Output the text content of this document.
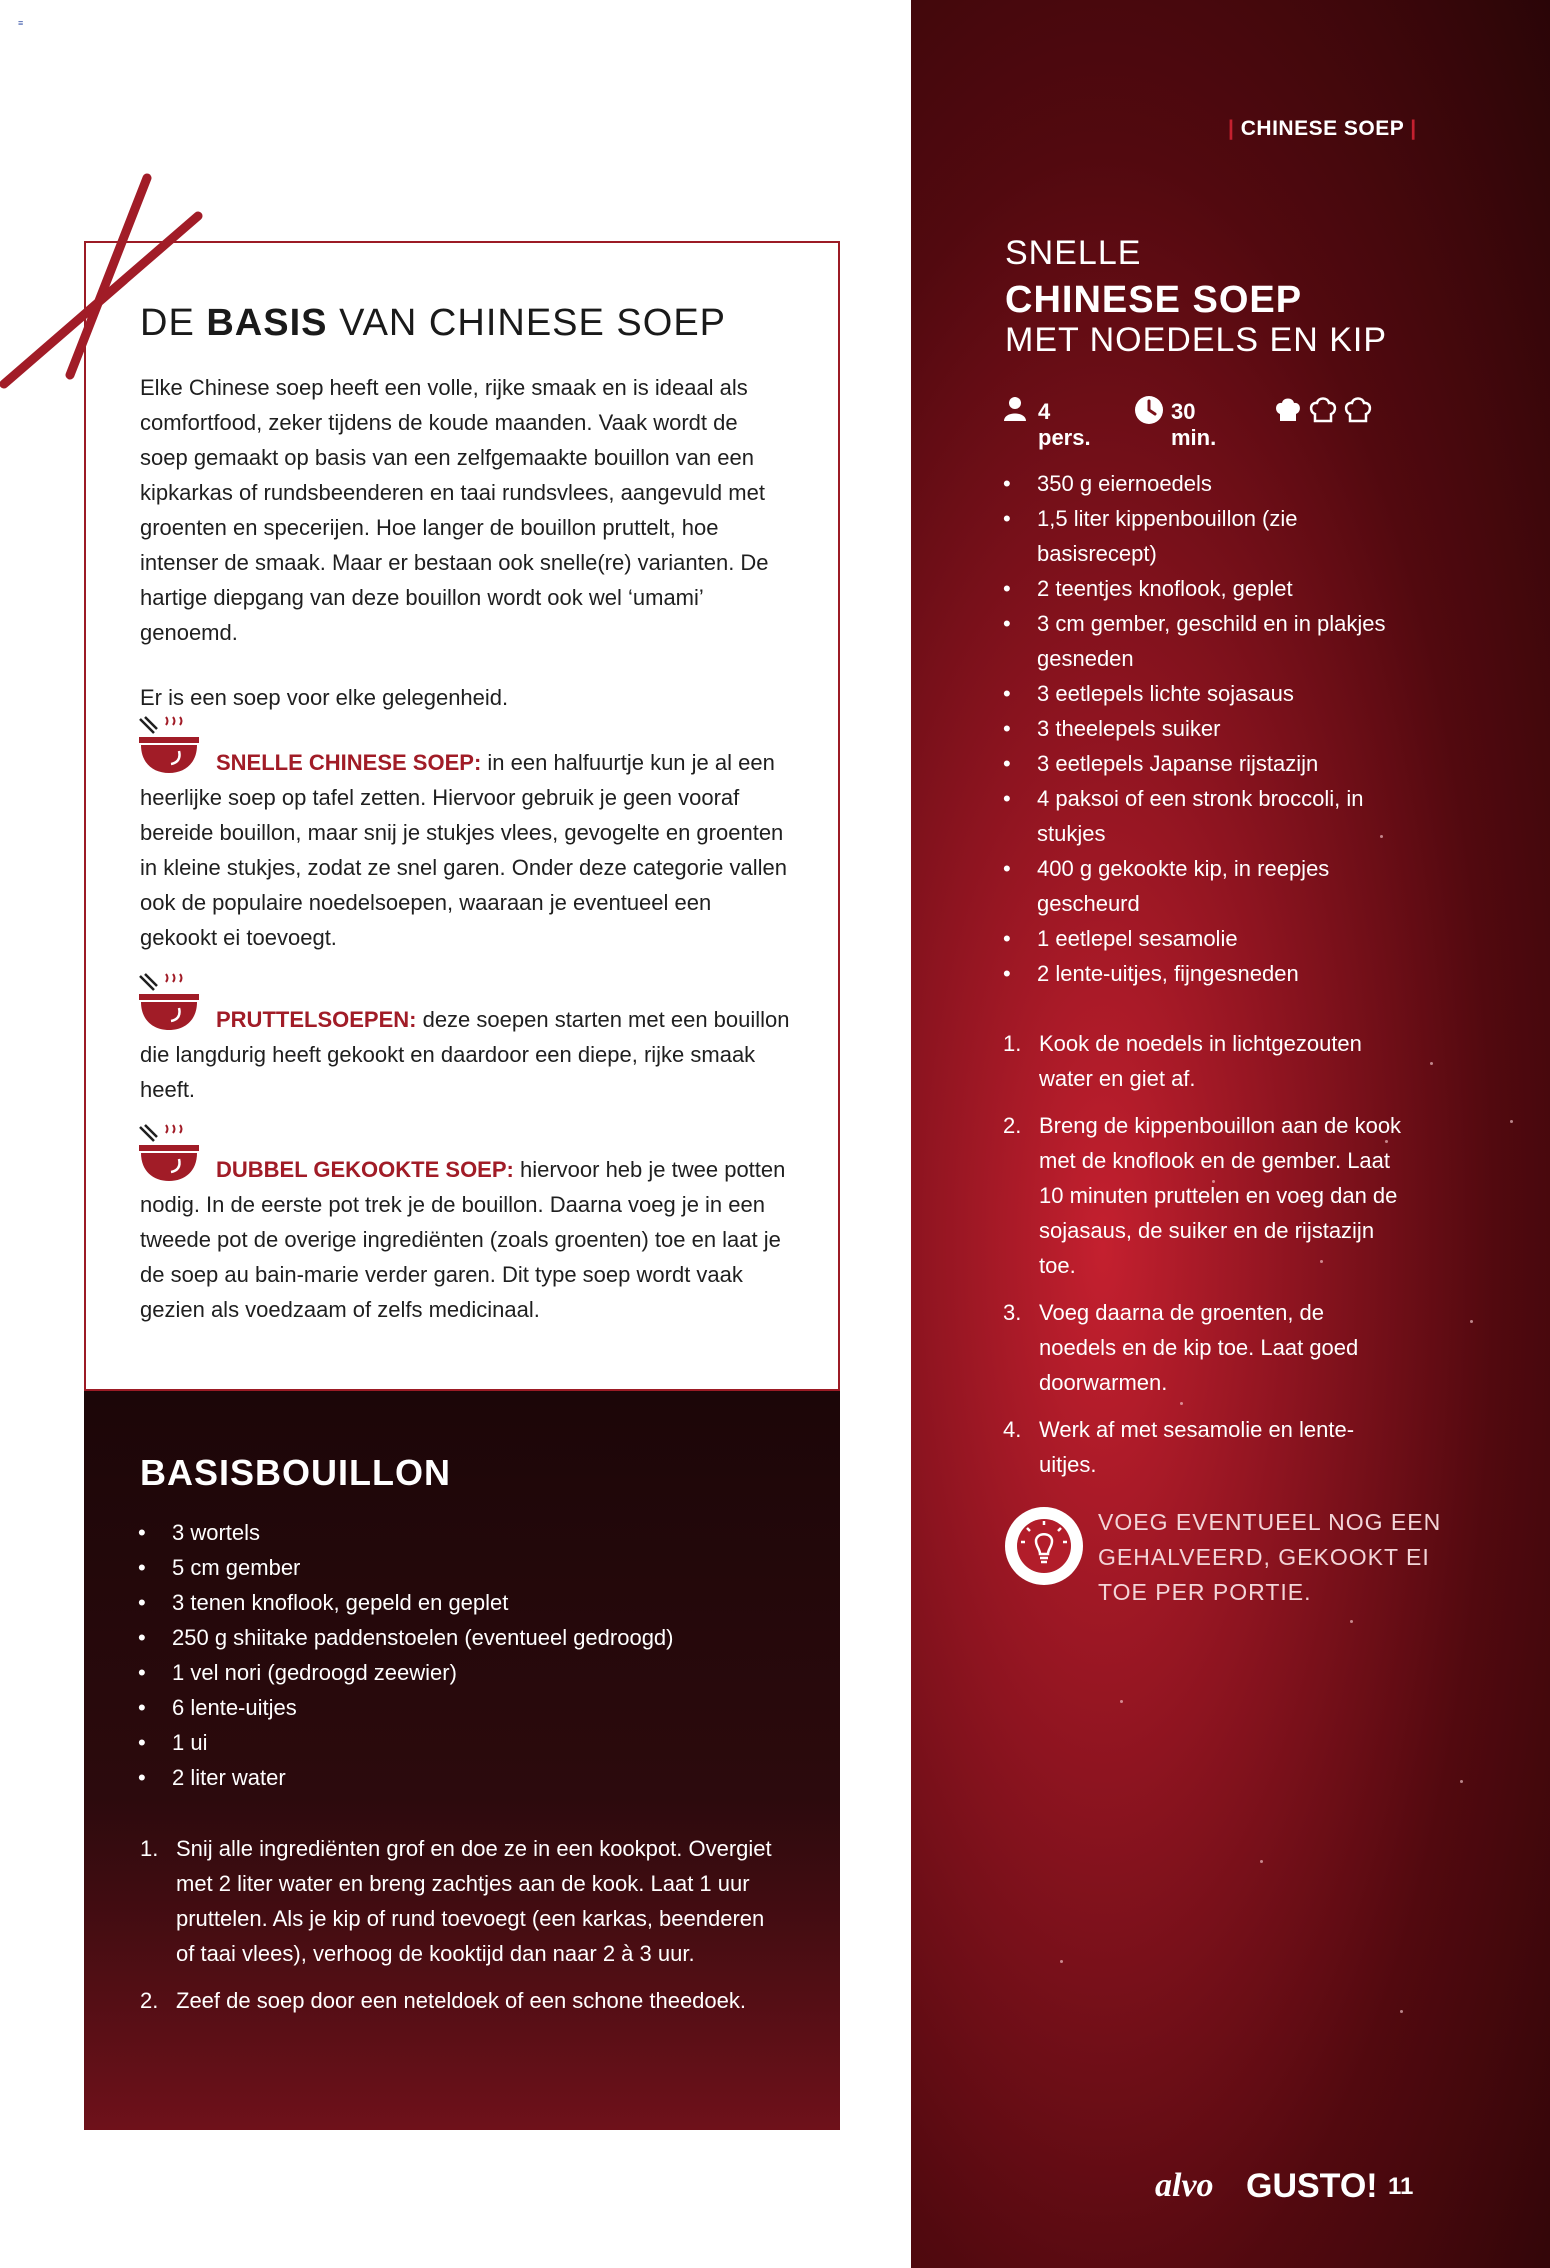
≡
| CHINESE SOEP |
SNELLE
CHINESE SOEP
MET NOEDELS EN KIP
4 pers.
30 min.
• 350 g eiernoedels
• 1,5 liter kippenbouillon (zie basisrecept)
• 2 teentjes knoflook, geplet
• 3 cm gember, geschild en in plakjes gesneden
• 3 eetlepels lichte sojasaus
• 3 theelepels suiker
• 3 eetlepels Japanse rijstazijn
• 4 paksoi of een stronk broccoli, in stukjes
• 400 g gekookte kip, in reepjes gescheurd
• 1 eetlepel sesamolie
• 2 lente-uitjes, fijngesneden
1. Kook de noedels in lichtgezouten water en giet af.
2. Breng de kippenbouillon aan de kook met de knoflook en de gember. Laat 10 minuten pruttelen en voeg dan de sojasaus, de suiker en de rijstazijn toe.
3. Voeg daarna de groenten, de noedels en de kip toe. Laat goed doorwarmen.
4. Werk af met sesamolie en lente-uitjes.
VOEG EVENTUEEL NOG EEN GEHALVEERD, GEKOOKT EI TOE PER PORTIE.
alvo GUSTO! 11
DE BASIS VAN CHINESE SOEP

Elke Chinese soep heeft een volle, rijke smaak en is ideaal als comfortfood, zeker tijdens de koude maanden. Vaak wordt de soep gemaakt op basis van een zelfgemaakte bouillon van een kipkarkas of rundsbeenderen en taai rundsvlees, aangevuld met groenten en specerijen. Hoe langer de bouillon pruttelt, hoe intenser de smaak. Maar er bestaan ook snelle(re) varianten. De hartige diepgang van deze bouillon wordt ook wel ‘umami’ genoemd.

Er is een soep voor elke gelegenheid.

SNELLE CHINESE SOEP: in een halfuurtje kun je al een heerlijke soep op tafel zetten. Hiervoor gebruik je geen vooraf bereide bouillon, maar snij je stukjes vlees, gevogelte en groenten in kleine stukjes, zodat ze snel garen. Onder deze categorie vallen ook de populaire noedelsoepen, waaraan je eventueel een gekookt ei toevoegt.

PRUTTELSOEPEN: deze soepen starten met een bouillon die langdurig heeft gekookt en daardoor een diepe, rijke smaak heeft.

DUBBEL GEKOOKTE SOEP: hiervoor heb je twee potten nodig. In de eerste pot trek je de bouillon. Daarna voeg je in een tweede pot de overige ingrediënten (zoals groenten) toe en laat je de soep au bain-marie verder garen. Dit type soep wordt vaak gezien als voedzaam of zelfs medicinaal.

BASISBOUILLON
• 3 wortels
• 5 cm gember
• 3 tenen knoflook, gepeld en geplet
• 250 g shiitake paddenstoelen (eventueel gedroogd)
• 1 vel nori (gedroogd zeewier)
• 6 lente-uitjes
• 1 ui
• 2 liter water
1. Snij alle ingrediënten grof en doe ze in een kookpot. Overgiet met 2 liter water en breng zachtjes aan de kook. Laat 1 uur pruttelen. Als je kip of rund toevoegt (een karkas, beenderen of taai vlees), verhoog de kooktijd dan naar 2 à 3 uur.
2. Zeef de soep door een neteldoek of een schone theedoek.
